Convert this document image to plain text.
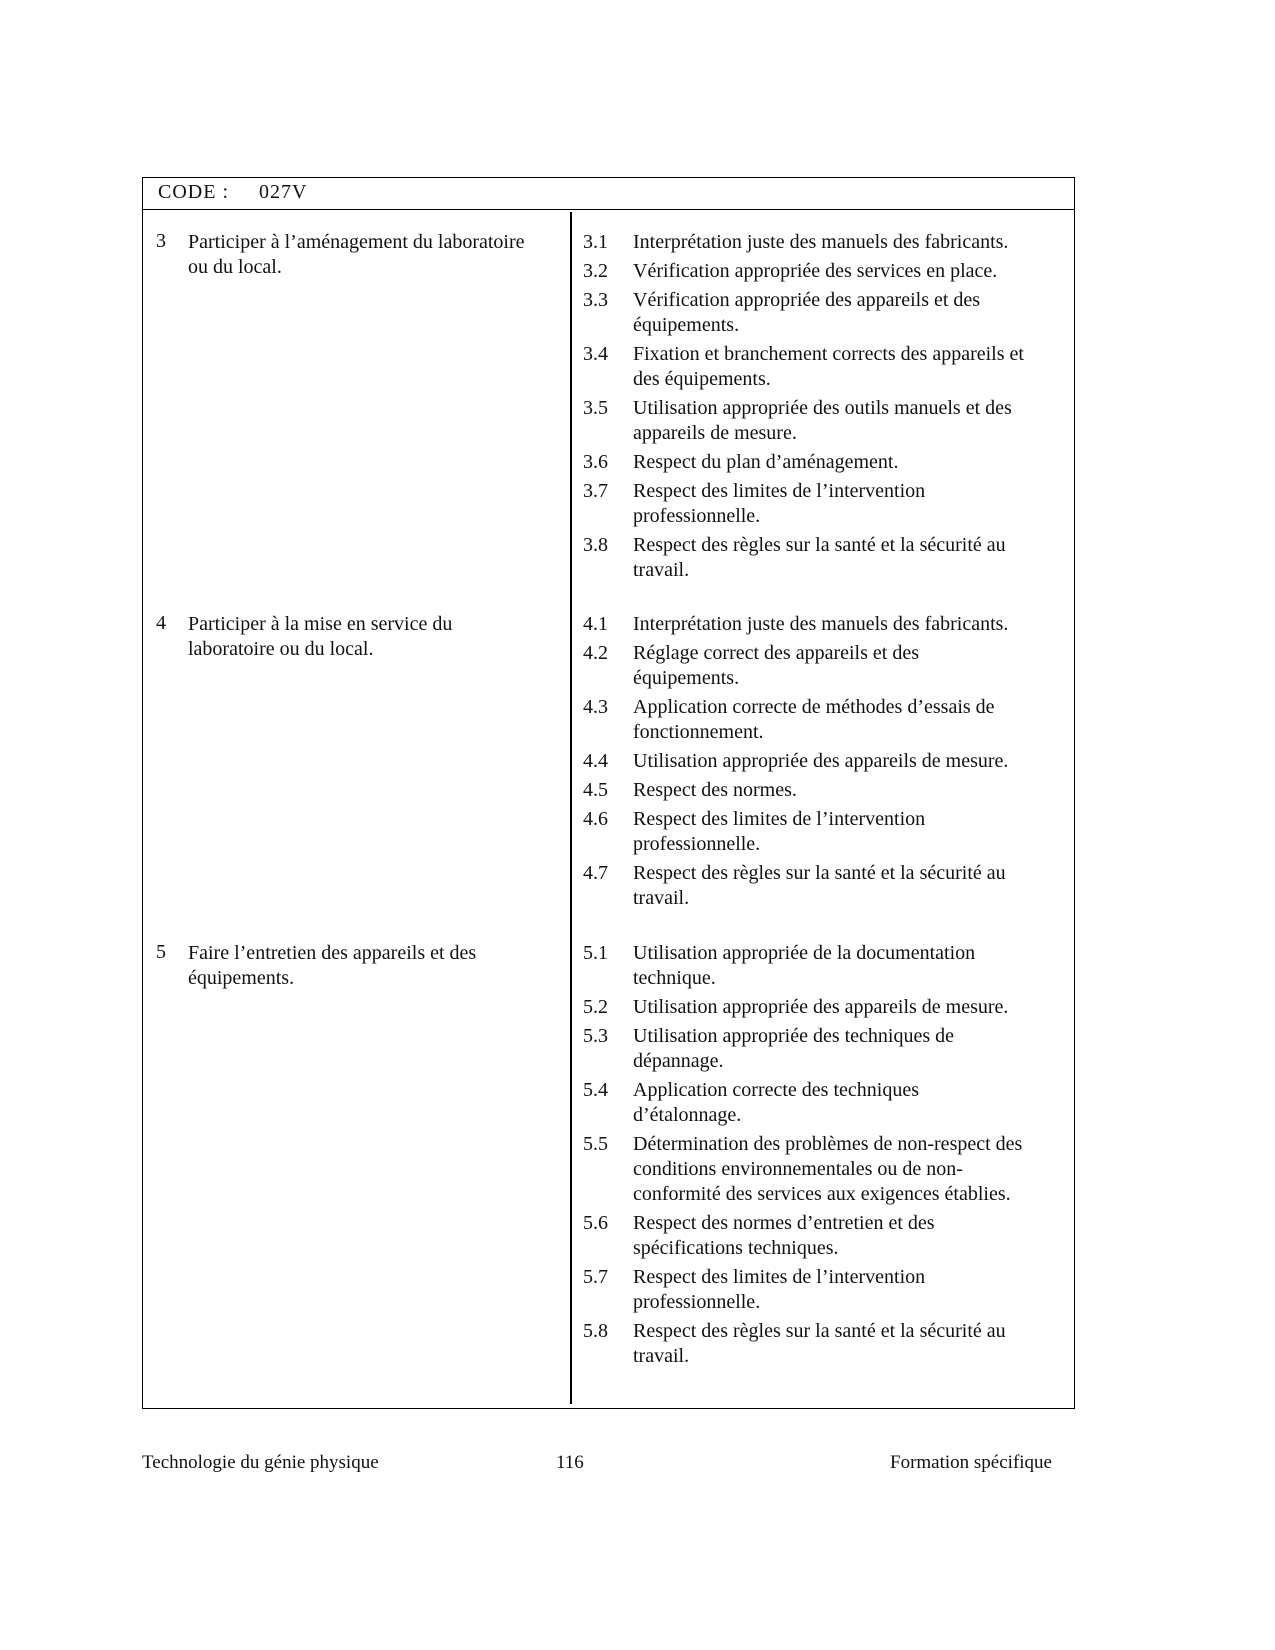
CODE : 027V
3 Participer à l’aménagement du laboratoire
ou du local.
3.1 Interprétation juste des manuels des fabricants.
3.2 Vérification appropriée des services en place.
3.3 Vérification appropriée des appareils et des
équipements.
3.4 Fixation et branchement corrects des appareils et
des équipements.
3.5 Utilisation appropriée des outils manuels et des
appareils de mesure.
3.6 Respect du plan d’aménagement.
3.7 Respect des limites de l’intervention
professionnelle.
3.8 Respect des règles sur la santé et la sécurité au
travail.
4 Participer à la mise en service du
laboratoire ou du local.
4.1 Interprétation juste des manuels des fabricants.
4.2 Réglage correct des appareils et des
équipements.
4.3 Application correcte de méthodes d’essais de
fonctionnement.
4.4 Utilisation appropriée des appareils de mesure.
4.5 Respect des normes.
4.6 Respect des limites de l’intervention
professionnelle.
4.7 Respect des règles sur la santé et la sécurité au
travail.
5 Faire l’entretien des appareils et des
équipements.
5.1 Utilisation appropriée de la documentation
technique.
5.2 Utilisation appropriée des appareils de mesure.
5.3 Utilisation appropriée des techniques de
dépannage.
5.4 Application correcte des techniques
d’étalonnage.
5.5 Détermination des problèmes de non-respect des
conditions environnementales ou de non-
conformité des services aux exigences établies.
5.6 Respect des normes d’entretien et des
spécifications techniques.
5.7 Respect des limites de l’intervention
professionnelle.
5.8 Respect des règles sur la santé et la sécurité au
travail.
Technologie du génie physique	116	Formation spécifique
